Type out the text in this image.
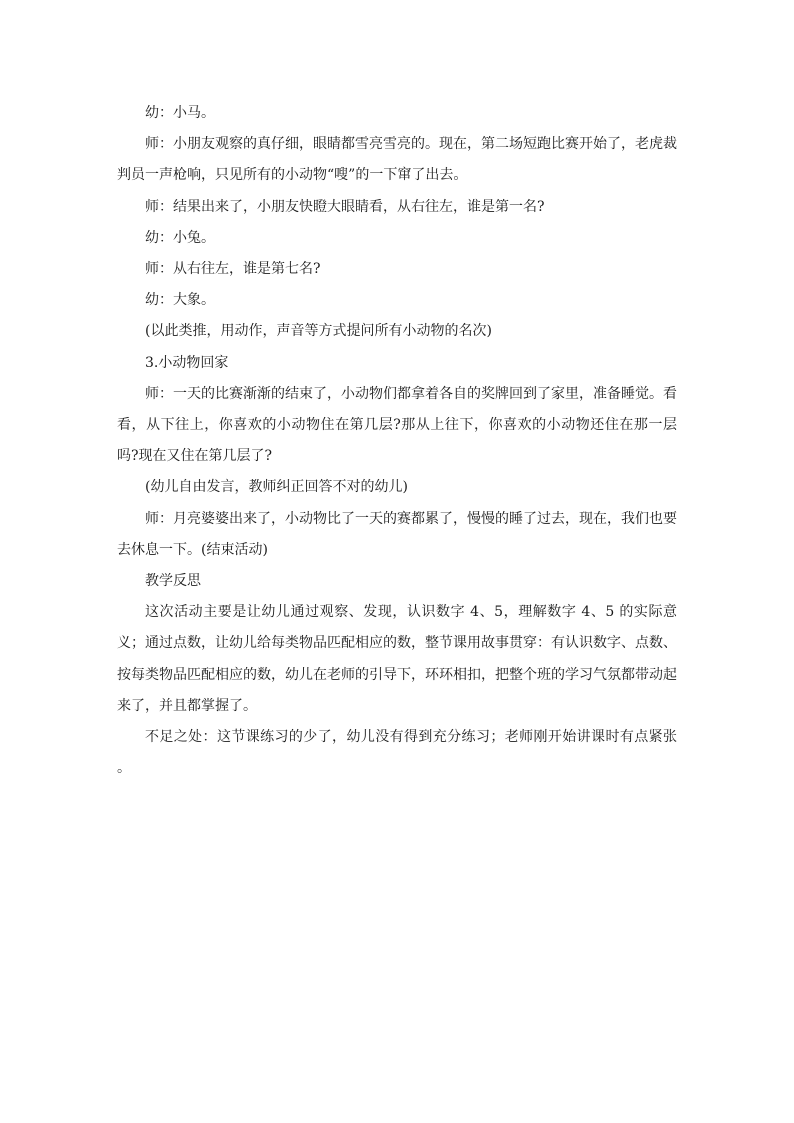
幼：小马。

师：小朋友观察的真仔细，眼睛都雪亮雪亮的。现在，第二场短跑比赛开始了，老虎裁判员一声枪响，只见所有的小动物“嗖”的一下窜了出去。

师：结果出来了，小朋友快瞪大眼睛看，从右往左，谁是第一名?

幼：小兔。

师：从右往左，谁是第七名?

幼：大象。

(以此类推，用动作，声音等方式提问所有小动物的名次)

3.小动物回家

师：一天的比赛渐渐的结束了，小动物们都拿着各自的奖牌回到了家里，准备睡觉。看看，从下往上，你喜欢的小动物住在第几层?那从上往下，你喜欢的小动物还住在那一层吗?现在又住在第几层了?

(幼儿自由发言，教师纠正回答不对的幼儿)

师：月亮婆婆出来了，小动物比了一天的赛都累了，慢慢的睡了过去，现在，我们也要去休息一下。(结束活动)

教学反思

这次活动主要是让幼儿通过观察、发现，认识数字 4、5，理解数字 4、5 的实际意义；通过点数，让幼儿给每类物品匹配相应的数，整节课用故事贯穿：有认识数字、点数、按每类物品匹配相应的数，幼儿在老师的引导下，环环相扣，把整个班的学习气氛都带动起来了，并且都掌握了。

不足之处：这节课练习的少了，幼儿没有得到充分练习；老师刚开始讲课时有点紧张 。
